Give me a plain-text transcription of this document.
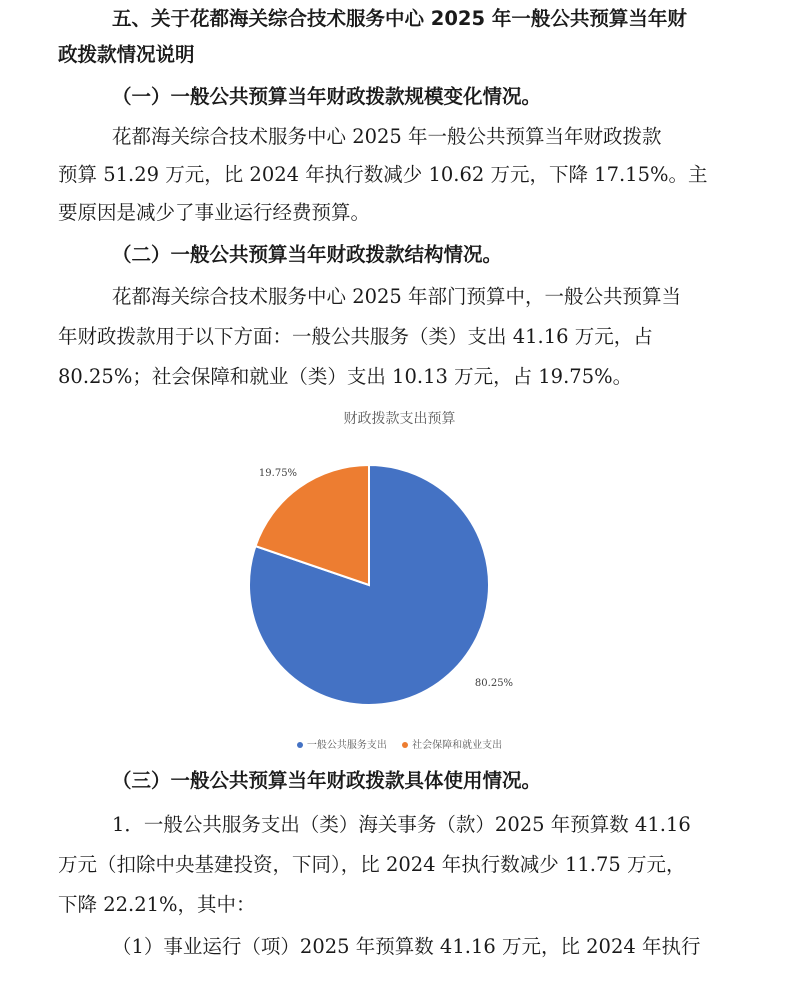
五、关于花都海关综合技术服务中心 2025 年一般公共预算当年财
政拨款情况说明
（一）一般公共预算当年财政拨款规模变化情况。
花都海关综合技术服务中心 2025 年一般公共预算当年财政拨款
预算 51.29 万元，比 2024 年执行数减少 10.62 万元，下降 17.15%。主
要原因是减少了事业运行经费预算。
（二）一般公共预算当年财政拨款结构情况。
花都海关综合技术服务中心 2025 年部门预算中，一般公共预算当
年财政拨款用于以下方面：一般公共服务（类）支出 41.16 万元，占
80.25%；社会保障和就业（类）支出 10.13 万元，占 19.75%。
财政拨款支出预算
80.25%
19.75%
一般公共服务支出	社会保障和就业支出
（三）一般公共预算当年财政拨款具体使用情况。
1．一般公共服务支出（类）海关事务（款）2025 年预算数 41.16
万元（扣除中央基建投资，下同），比 2024 年执行数减少 11.75 万元，
下降 22.21%，其中：
（1）事业运行（项）2025 年预算数 41.16 万元，比 2024 年执行
